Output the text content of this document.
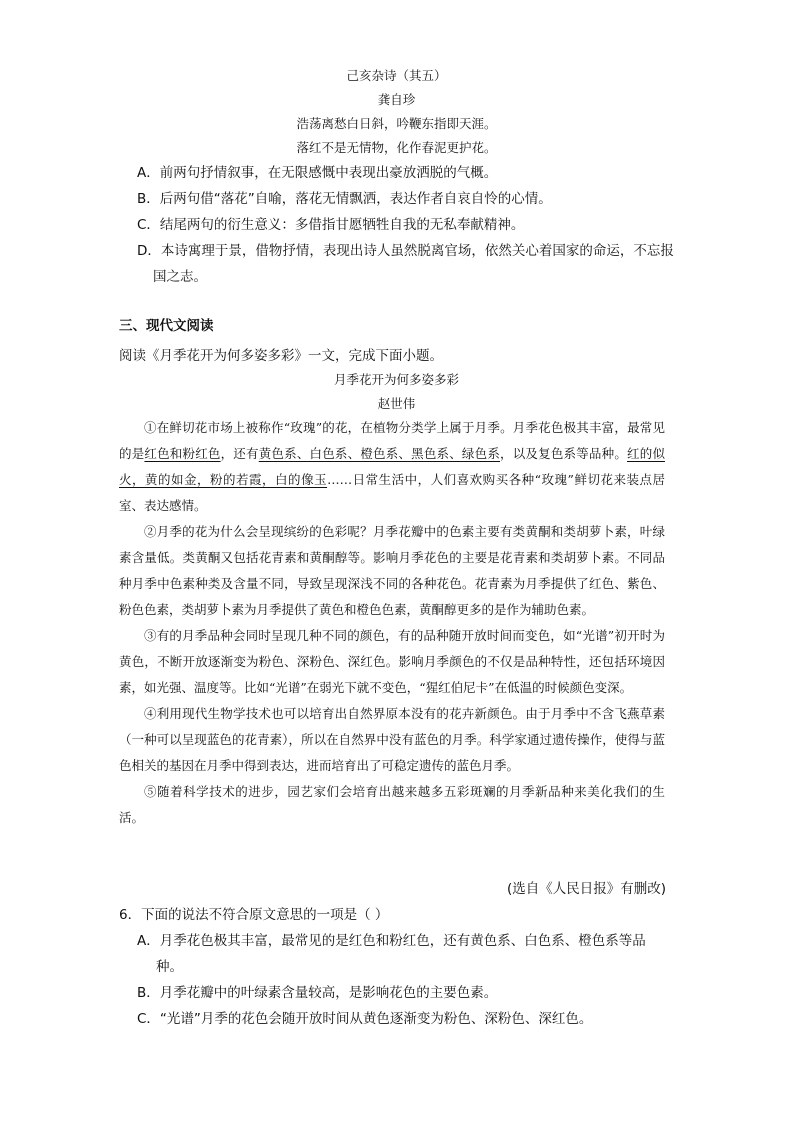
己亥杂诗（其五）
龚自珍
浩荡离愁白日斜，吟鞭东指即天涯。
落红不是无情物，化作春泥更护花。
A．前两句抒情叙事，在无限感慨中表现出豪放洒脱的气概。
B．后两句借“落花”自喻，落花无情飘洒，表达作者自哀自怜的心情。
C．结尾两句的衍生意义：多借指甘愿牺牲自我的无私奉献精神。
D．本诗寓理于景，借物抒情，表现出诗人虽然脱离官场，依然关心着国家的命运，不忘报国之志。
三、现代文阅读
阅读《月季花开为何多姿多彩》一文，完成下面小题。
月季花开为何多姿多彩
赵世伟

①在鲜切花市场上被称作“玫瑰”的花，在植物分类学上属于月季。月季花色极其丰富，最常见的是红色和粉红色，还有黄色系、白色系、橙色系、黑色系、绿色系，以及复色系等品种。红的似火，黄的如金，粉的若霞，白的像玉……日常生活中，人们喜欢购买各种“玫瑰”鲜切花来装点居室、表达感情。

②月季的花为什么会呈现缤纷的色彩呢？月季花瓣中的色素主要有类黄酮和类胡萝卜素，叶绿素含量低。类黄酮又包括花青素和黄酮醇等。影响月季花色的主要是花青素和类胡萝卜素。不同品种月季中色素种类及含量不同，导致呈现深浅不同的各种花色。花青素为月季提供了红色、紫色、粉色色素，类胡萝卜素为月季提供了黄色和橙色色素，黄酮醇更多的是作为辅助色素。

③有的月季品种会同时呈现几种不同的颜色，有的品种随开放时间而变色，如“光谱”初开时为黄色，不断开放逐渐变为粉色、深粉色、深红色。影响月季颜色的不仅是品种特性，还包括环境因素，如光强、温度等。比如“光谱”在弱光下就不变色，“猩红伯尼卡”在低温的时候颜色变深。

④利用现代生物学技术也可以培育出自然界原本没有的花卉新颜色。由于月季中不含飞燕草素（一种可以呈现蓝色的花青素），所以在自然界中没有蓝色的月季。科学家通过遗传操作，使得与蓝色相关的基因在月季中得到表达，进而培育出了可稳定遗传的蓝色月季。

⑤随着科学技术的进步，园艺家们会培育出越来越多五彩斑斓的月季新品种来美化我们的生活。

(选自《人民日报》有删改)
6．下面的说法不符合原文意思的一项是（ ）
A．月季花色极其丰富，最常见的是红色和粉红色，还有黄色系、白色系、橙色系等品
种。
B．月季花瓣中的叶绿素含量较高，是影响花色的主要色素。
C．“光谱”月季的花色会随开放时间从黄色逐渐变为粉色、深粉色、深红色。
